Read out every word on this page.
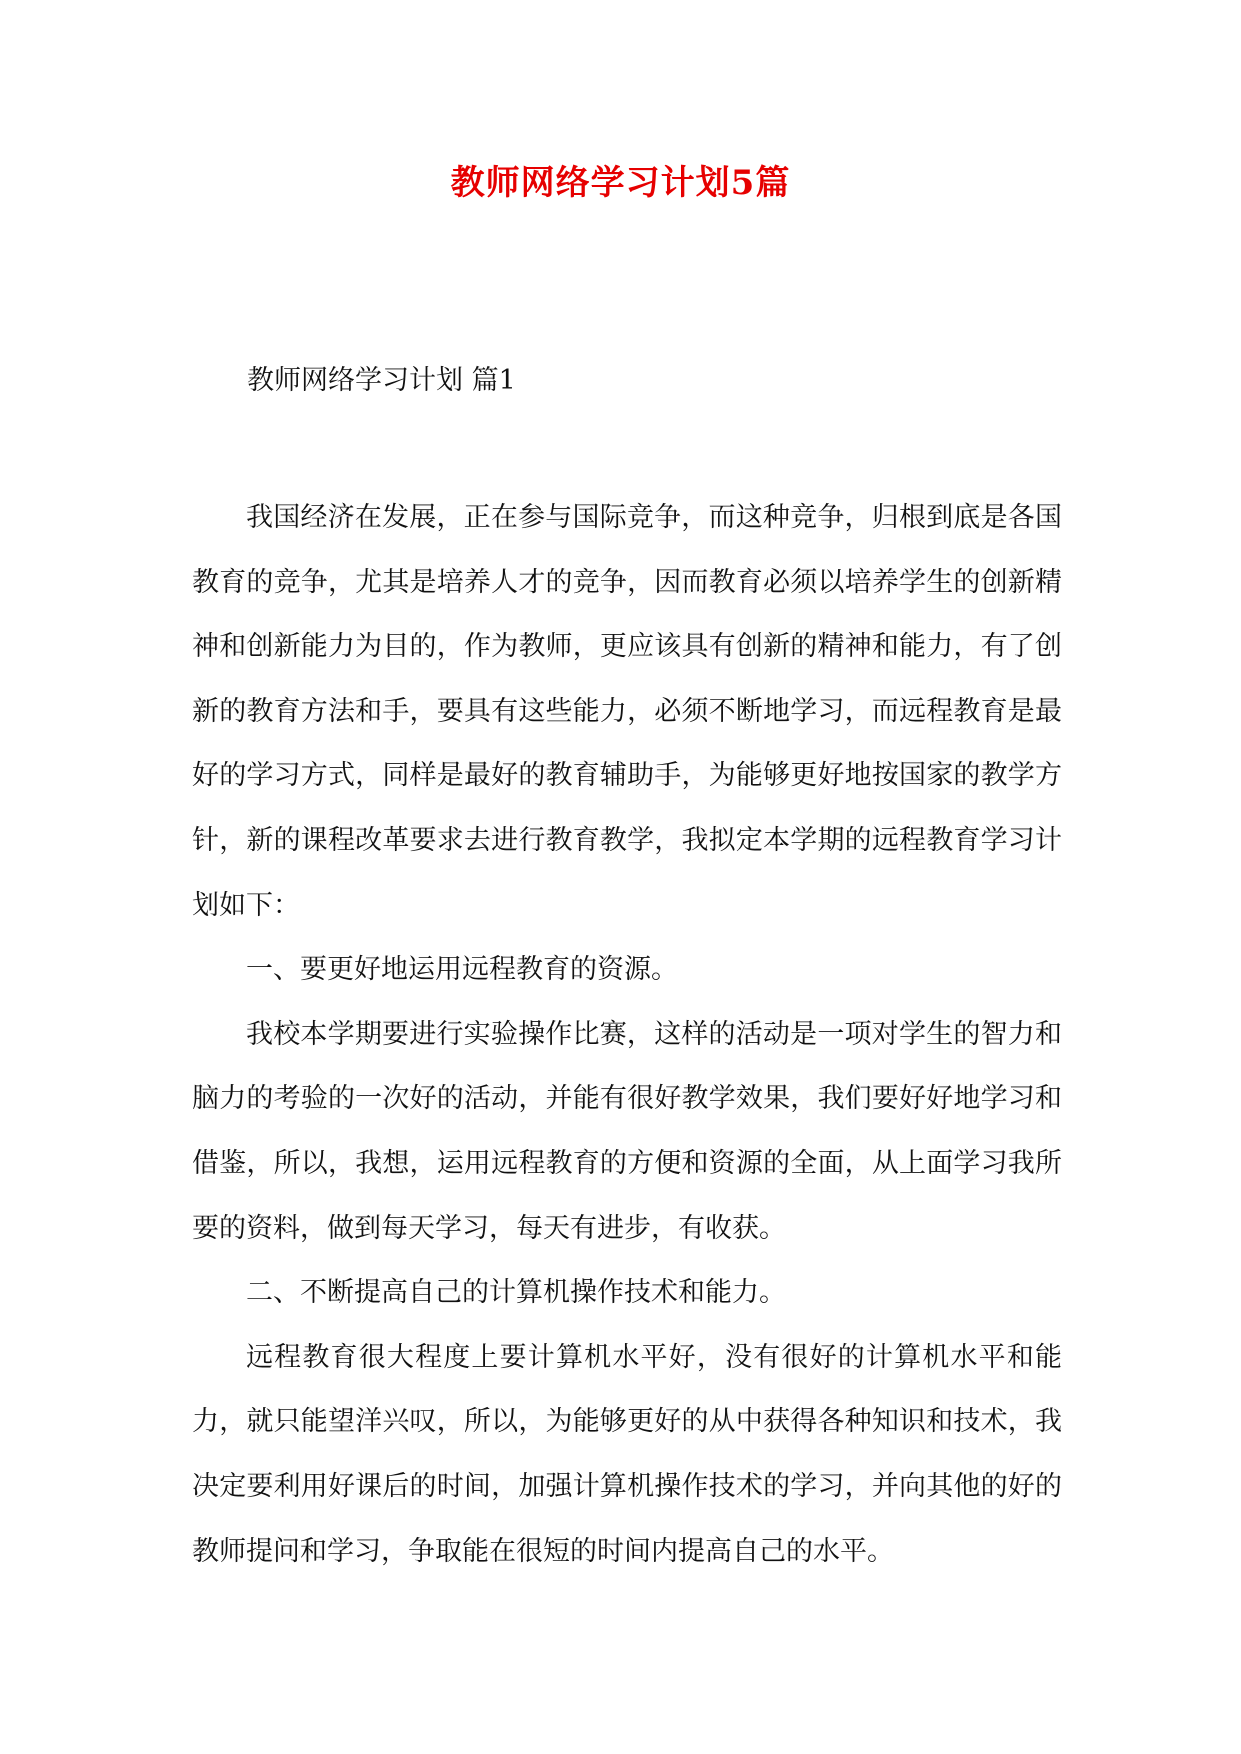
教师网络学习计划5篇
教师网络学习计划 篇1

我国经济在发展，正在参与国际竞争，而这种竞争，归根到底是各国教育的竞争，尤其是培养人才的竞争，因而教育必须以培养学生的创新精神和创新能力为目的，作为教师，更应该具有创新的精神和能力，有了创新的教育方法和手，要具有这些能力，必须不断地学习，而远程教育是最好的学习方式，同样是最好的教育辅助手，为能够更好地按国家的教学方针，新的课程改革要求去进行教育教学，我拟定本学期的远程教育学习计划如下：

一、要更好地运用远程教育的资源。

我校本学期要进行实验操作比赛，这样的活动是一项对学生的智力和脑力的考验的一次好的活动，并能有很好教学效果，我们要好好地学习和借鉴，所以，我想，运用远程教育的方便和资源的全面，从上面学习我所要的资料，做到每天学习，每天有进步，有收获。

二、不断提高自己的计算机操作技术和能力。

远程教育很大程度上要计算机水平好，没有很好的计算机水平和能力，就只能望洋兴叹，所以，为能够更好的从中获得各种知识和技术，我决定要利用好课后的时间，加强计算机操作技术的学习，并向其他的好的教师提问和学习，争取能在很短的时间内提高自己的水平。
